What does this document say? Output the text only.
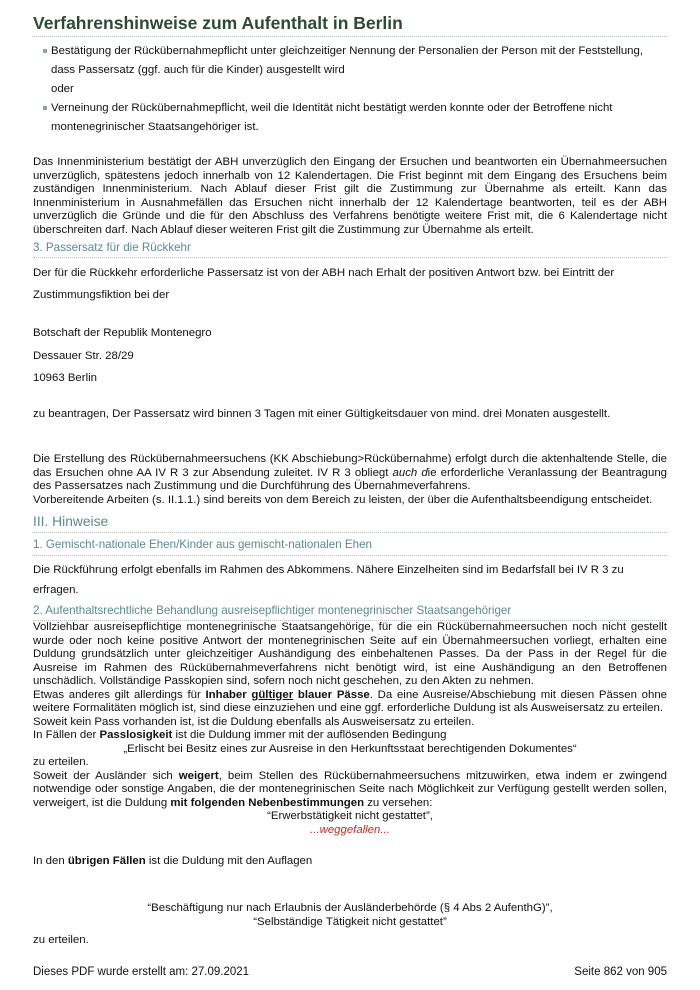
Verfahrenshinweise zum Aufenthalt in Berlin
Bestätigung der Rückübernahmepflicht unter gleichzeitiger Nennung der Personalien der Person mit der Feststellung,
dass Passersatz (ggf. auch für die Kinder) ausgestellt wird
oder
Verneinung der Rückübernahmepflicht, weil die Identität nicht bestätigt werden konnte oder der Betroffene nicht
montenegrinischer Staatsangehöriger ist.
Das Innenministerium bestätigt der ABH unverzüglich den Eingang der Ersuchen und beantworten ein Übernahmeersuchen unverzüglich, spätestens jedoch innerhalb von 12 Kalendertagen. Die Frist beginnt mit dem Eingang des Ersuchens beim zuständigen Innenministerium. Nach Ablauf dieser Frist gilt die Zustimmung zur Übernahme als erteilt. Kann das Innenministerium in Ausnahmefällen das Ersuchen nicht innerhalb der 12 Kalendertage beantworten, teil es der ABH unverzüglich die Gründe und die für den Abschluss des Verfahrens benötigte weitere Frist mit, die 6 Kalendertage nicht überschreiten darf. Nach Ablauf dieser weiteren Frist gilt die Zustimmung zur Übernahme als erteilt.
3. Passersatz für die Rückkehr
Der für die Rückkehr erforderliche Passersatz ist von der ABH nach Erhalt der positiven Antwort bzw. bei Eintritt der Zustimmungsfiktion bei der
Botschaft der Republik Montenegro
Dessauer Str. 28/29
10963 Berlin
zu beantragen, Der Passersatz wird binnen 3 Tagen mit einer Gültigkeitsdauer von mind. drei Monaten ausgestellt.
Die Erstellung des Rückübernahmeersuchens (KK Abschiebung>Rückübernahme) erfolgt durch die aktenhaltende Stelle, die das Ersuchen ohne AA IV R 3 zur Absendung zuleitet. IV R 3 obliegt auch die erforderliche Veranlassung der Beantragung des Passersatzes nach Zustimmung und die Durchführung des Übernahmeverfahrens.
Vorbereitende Arbeiten (s. II.1.1.) sind bereits von dem Bereich zu leisten, der über die Aufenthaltsbeendigung entscheidet.
III. Hinweise
1. Gemischt-nationale Ehen/Kinder aus gemischt-nationalen Ehen
Die Rückführung erfolgt ebenfalls im Rahmen des Abkommens. Nähere Einzelheiten sind im Bedarfsfall bei IV R 3 zu erfragen.
2. Aufenthaltsrechtliche Behandlung ausreisepflichtiger montenegrinischer Staatsangehöriger
Vollziehbar ausreisepflichtige montenegrinische Staatsangehörige, für die ein Rückübernahmeersuchen noch nicht gestellt wurde oder noch keine positive Antwort der montenegrinischen Seite auf ein Übernahmeersuchen vorliegt, erhalten eine Duldung grundsätzlich unter gleichzeitiger Aushändigung des einbehaltenen Passes. Da der Pass in der Regel für die Ausreise im Rahmen des Rückübernahmeverfahrens nicht benötigt wird, ist eine Aushändigung an den Betroffenen unschädlich. Vollständige Passkopien sind, sofern noch nicht geschehen, zu den Akten zu nehmen.
Etwas anderes gilt allerdings für Inhaber gültiger blauer Pässe. Da eine Ausreise/Abschiebung mit diesen Pässen ohne weitere Formalitäten möglich ist, sind diese einzuziehen und eine ggf. erforderliche Duldung ist als Ausweisersatz zu erteilen.
Soweit kein Pass vorhanden ist, ist die Duldung ebenfalls als Ausweisersatz zu erteilen.
In Fällen der Passlosigkeit ist die Duldung immer mit der auflösenden Bedingung
„Erlischt bei Besitz eines zur Ausreise in den Herkunftsstaat berechtigenden Dokumentes“
zu erteilen.
Soweit der Ausländer sich weigert, beim Stellen des Rückübernahmeersuchens mitzuwirken, etwa indem er zwingend notwendige oder sonstige Angaben, die der montenegrinischen Seite nach Möglichkeit zur Verfügung gestellt werden sollen, verweigert, ist die Duldung mit folgenden Nebenbestimmungen zu versehen:
“Erwerbstätigkeit nicht gestattet”,
...weggefallen...
In den übrigen Fällen ist die Duldung mit den Auflagen
“Beschäftigung nur nach Erlaubnis der Ausländerbehörde (§ 4 Abs 2 AufenthG)”,
“Selbständige Tätigkeit nicht gestattet”
zu erteilen.
Dieses PDF wurde erstellt am: 27.09.2021	Seite 862 von 905
